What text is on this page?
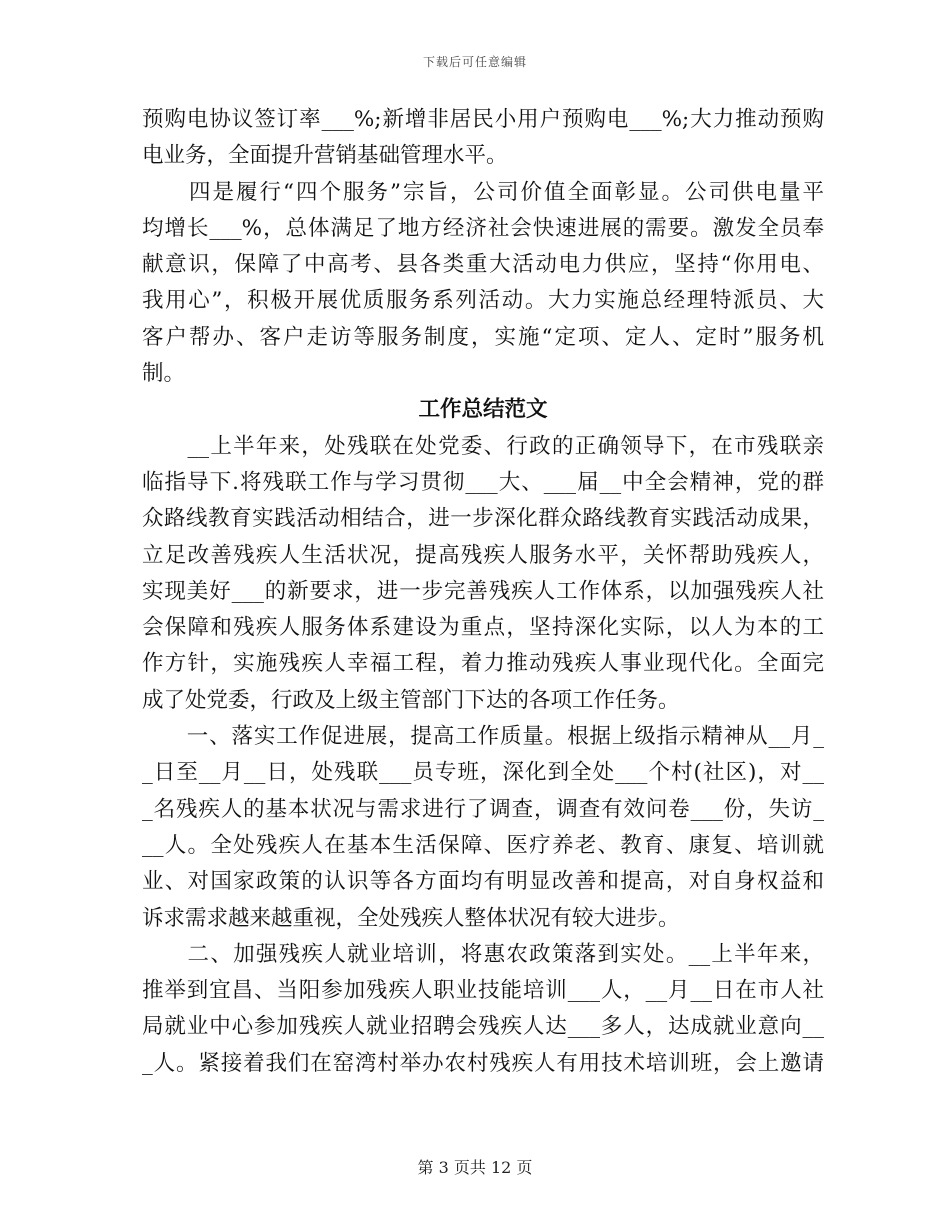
下载后可任意编辑
预购电协议签订率___%;新增非居民小用户预购电___%;大力推动预购
电业务，全面提升营销基础管理水平。
　　四是履行“四个服务”宗旨，公司价值全面彰显。公司供电量平
均增长___%，总体满足了地方经济社会快速进展的需要。激发全员奉
献意识，保障了中高考、县各类重大活动电力供应，坚持“你用电、
我用心”，积极开展优质服务系列活动。大力实施总经理特派员、大
客户帮办、客户走访等服务制度，实施“定项、定人、定时”服务机
制。
工作总结范文
　　__上半年来，处残联在处党委、行政的正确领导下，在市残联亲
临指导下.将残联工作与学习贯彻___大、___届__中全会精神，党的群
众路线教育实践活动相结合，进一步深化群众路线教育实践活动成果，
立足改善残疾人生活状况，提高残疾人服务水平，关怀帮助残疾人，
实现美好___的新要求，进一步完善残疾人工作体系，以加强残疾人社
会保障和残疾人服务体系建设为重点，坚持深化实际，以人为本的工
作方针，实施残疾人幸福工程，着力推动残疾人事业现代化。全面完
成了处党委，行政及上级主管部门下达的各项工作任务。
　　一、落实工作促进展，提高工作质量。根据上级指示精神从__月_
_日至__月__日，处残联___员专班，深化到全处___个村(社区)，对__
_名残疾人的基本状况与需求进行了调查，调查有效问卷___份，失访_
__人。全处残疾人在基本生活保障、医疗养老、教育、康复、培训就
业、对国家政策的认识等各方面均有明显改善和提高，对自身权益和
诉求需求越来越重视，全处残疾人整体状况有较大进步。
　　二、加强残疾人就业培训，将惠农政策落到实处。__上半年来，
推举到宜昌、当阳参加残疾人职业技能培训___人，__月__日在市人社
局就业中心参加残疾人就业招聘会残疾人达___多人，达成就业意向__
_人。紧接着我们在窑湾村举办农村残疾人有用技术培训班，会上邀请
第 3 页共 12 页
